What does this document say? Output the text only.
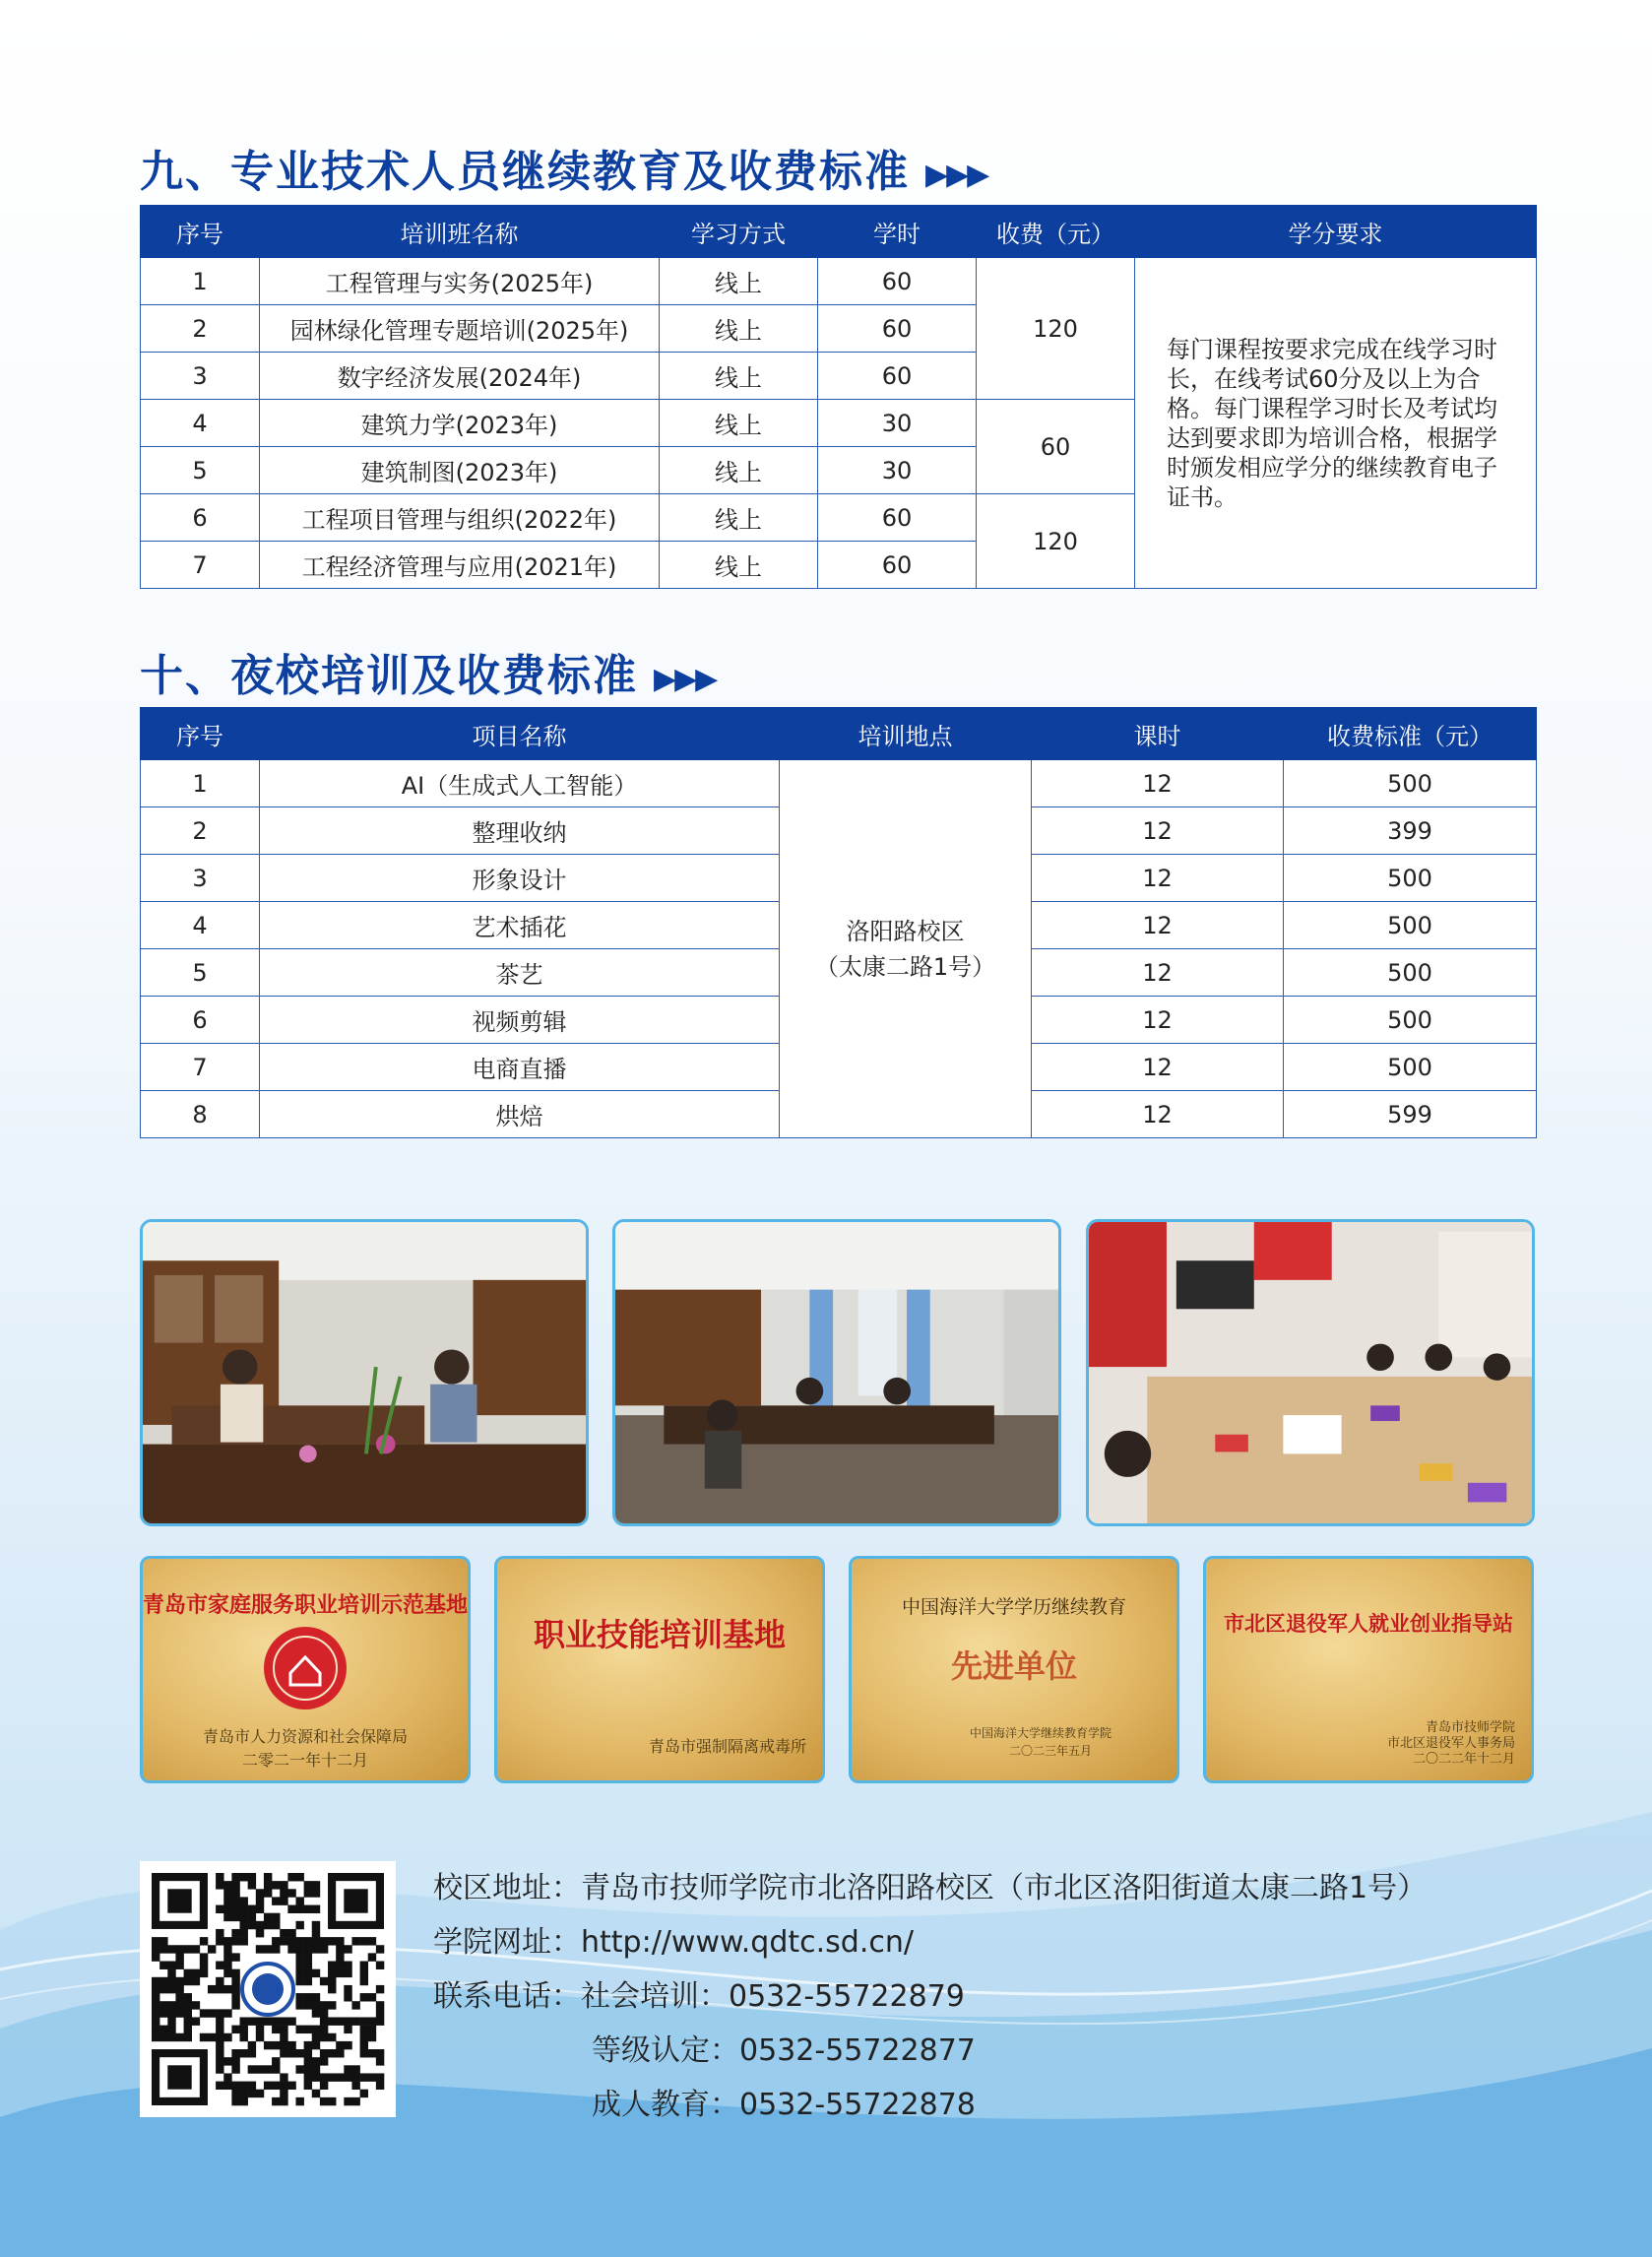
九、专业技术人员继续教育及收费标准 ▶▶▶
序号	培训班名称	学习方式	学时	收费（元）	学分要求
1	工程管理与实务(2025年)	线上	60	120	每门课程按要求完成在线学习时长，在线考试60分及以上为合格。每门课程学习时长及考试均达到要求即为培训合格，根据学时颁发相应学分的继续教育电子证书。
2	园林绿化管理专题培训(2025年)	线上	60		
3	数字经济发展(2024年)	线上	60		
4	建筑力学(2023年)	线上	30	60	
5	建筑制图(2023年)	线上	30		
6	工程项目管理与组织(2022年)	线上	60	120	
7	工程经济管理与应用(2021年)	线上	60		
十、夜校培训及收费标准 ▶▶▶
序号	项目名称	培训地点	课时	收费标准（元）
1	AI（生成式人工智能）	洛阳路校区
（太康二路1号）	12	500
2	整理收纳		12	399
3	形象设计		12	500
4	艺术插花		12	500
5	茶艺		12	500
6	视频剪辑		12	500
7	电商直播		12	500
8	烘焙		12	599
青岛市家庭服务职业培训示范基地
青岛市人力资源和社会保障局
二零二一年十二月
职业技能培训基地
青岛市强制隔离戒毒所
中国海洋大学学历继续教育
先进单位
中国海洋大学继续教育学院
二〇二三年五月
市北区退役军人就业创业指导站
青岛市技师学院
市北区退役军人事务局
二〇二二年十二月
校区地址：青岛市技师学院市北洛阳路校区（市北区洛阳街道太康二路1号）
学院网址：http://www.qdtc.sd.cn/
联系电话：社会培训：0532-55722879
等级认定：0532-55722877
成人教育：0532-55722878
